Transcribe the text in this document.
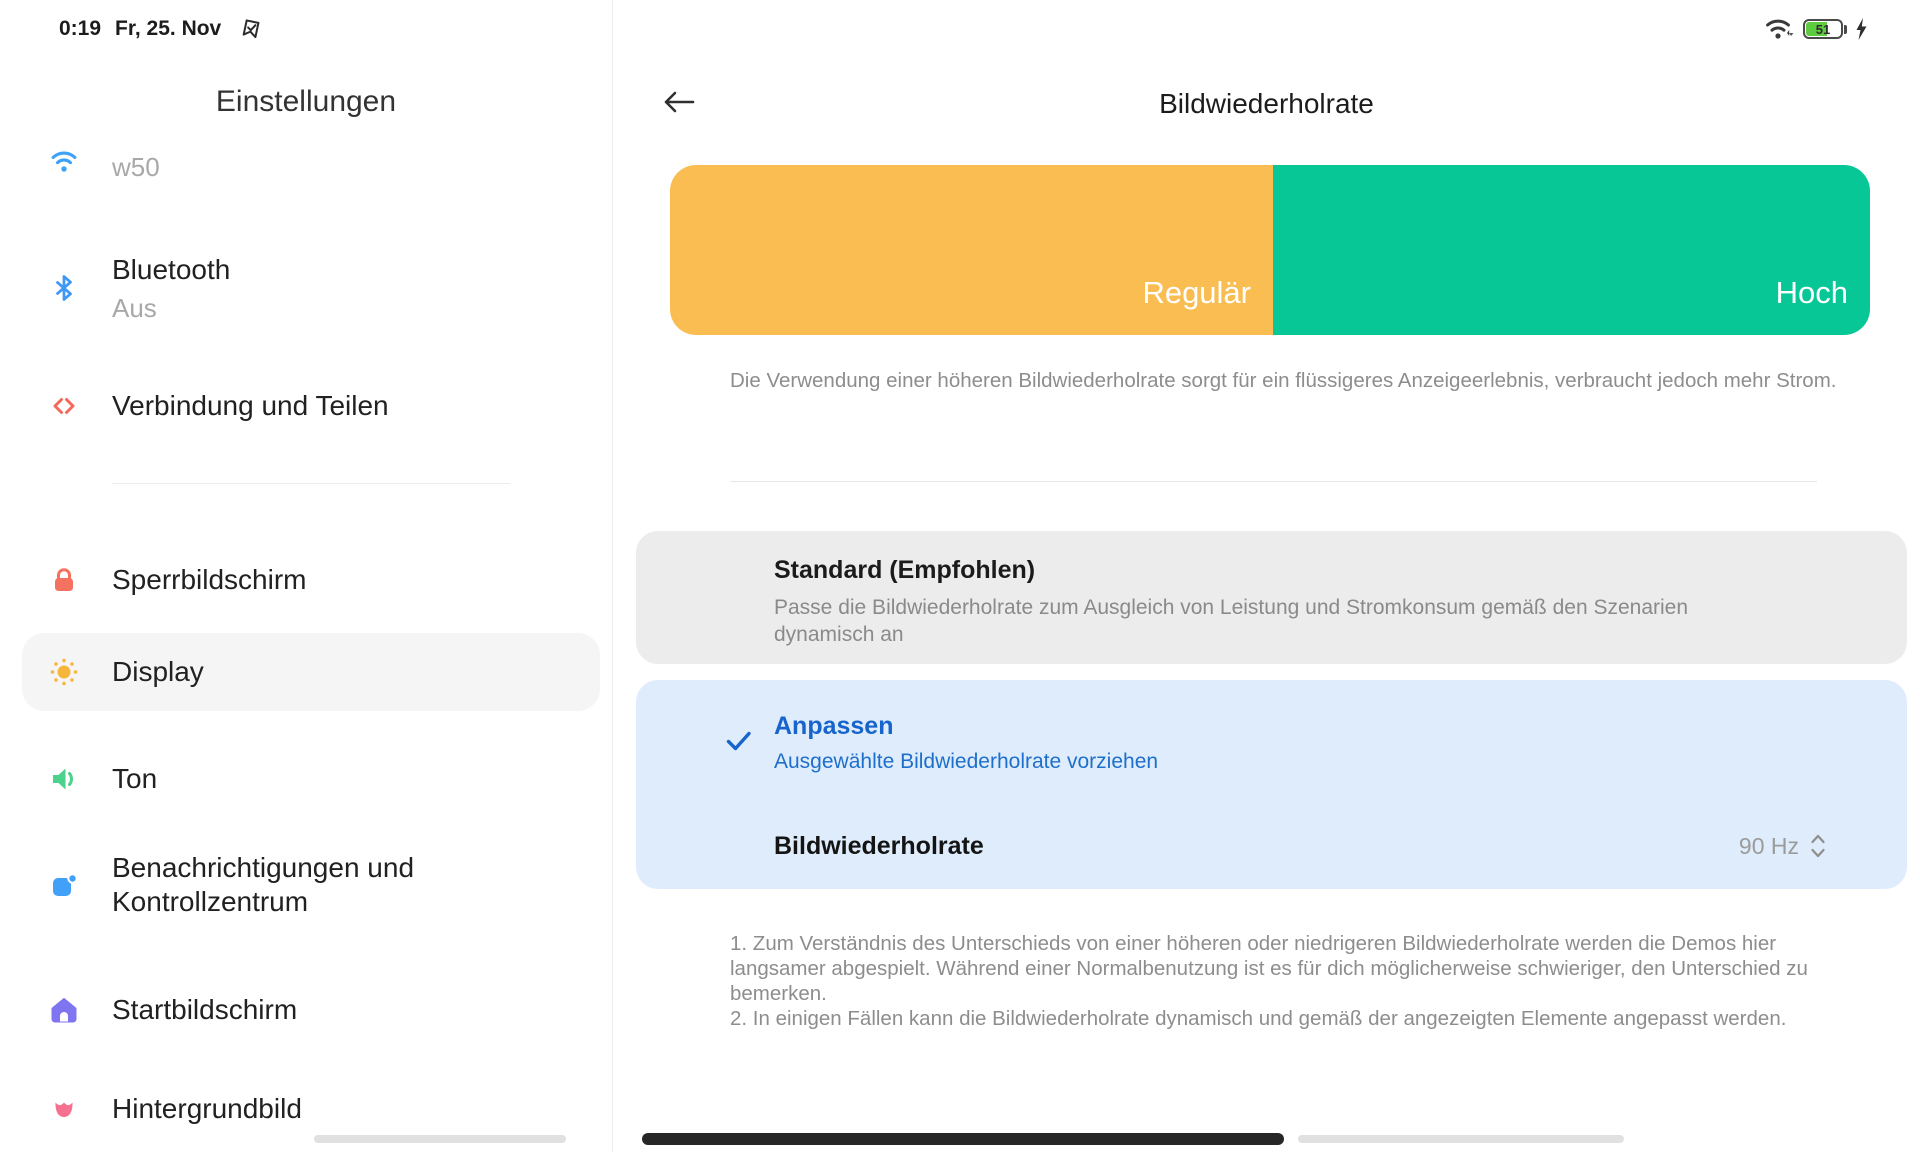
0:19 Fr, 25. Nov	51
Einstellungen
w50
Bluetooth
Aus
Verbindung und Teilen
Sperrbildschirm
Display
Ton
Benachrichtigungen und Kontrollzentrum
Startbildschirm
Hintergrundbild
Bildwiederholrate
Regulär	Hoch
Die Verwendung einer höheren Bildwiederholrate sorgt für ein flüssigeres Anzeigeerlebnis, verbraucht jedoch mehr Strom.
Standard (Empfohlen)
Passe die Bildwiederholrate zum Ausgleich von Leistung und Stromkonsum gemäß den Szenarien dynamisch an
Anpassen
Ausgewählte Bildwiederholrate vorziehen
Bildwiederholrate	90 Hz
1. Zum Verständnis des Unterschieds von einer höheren oder niedrigeren Bildwiederholrate werden die Demos hier langsamer abgespielt. Während einer Normalbenutzung ist es für dich möglicherweise schwieriger, den Unterschied zu bemerken.
2. In einigen Fällen kann die Bildwiederholrate dynamisch und gemäß der angezeigten Elemente angepasst werden.
